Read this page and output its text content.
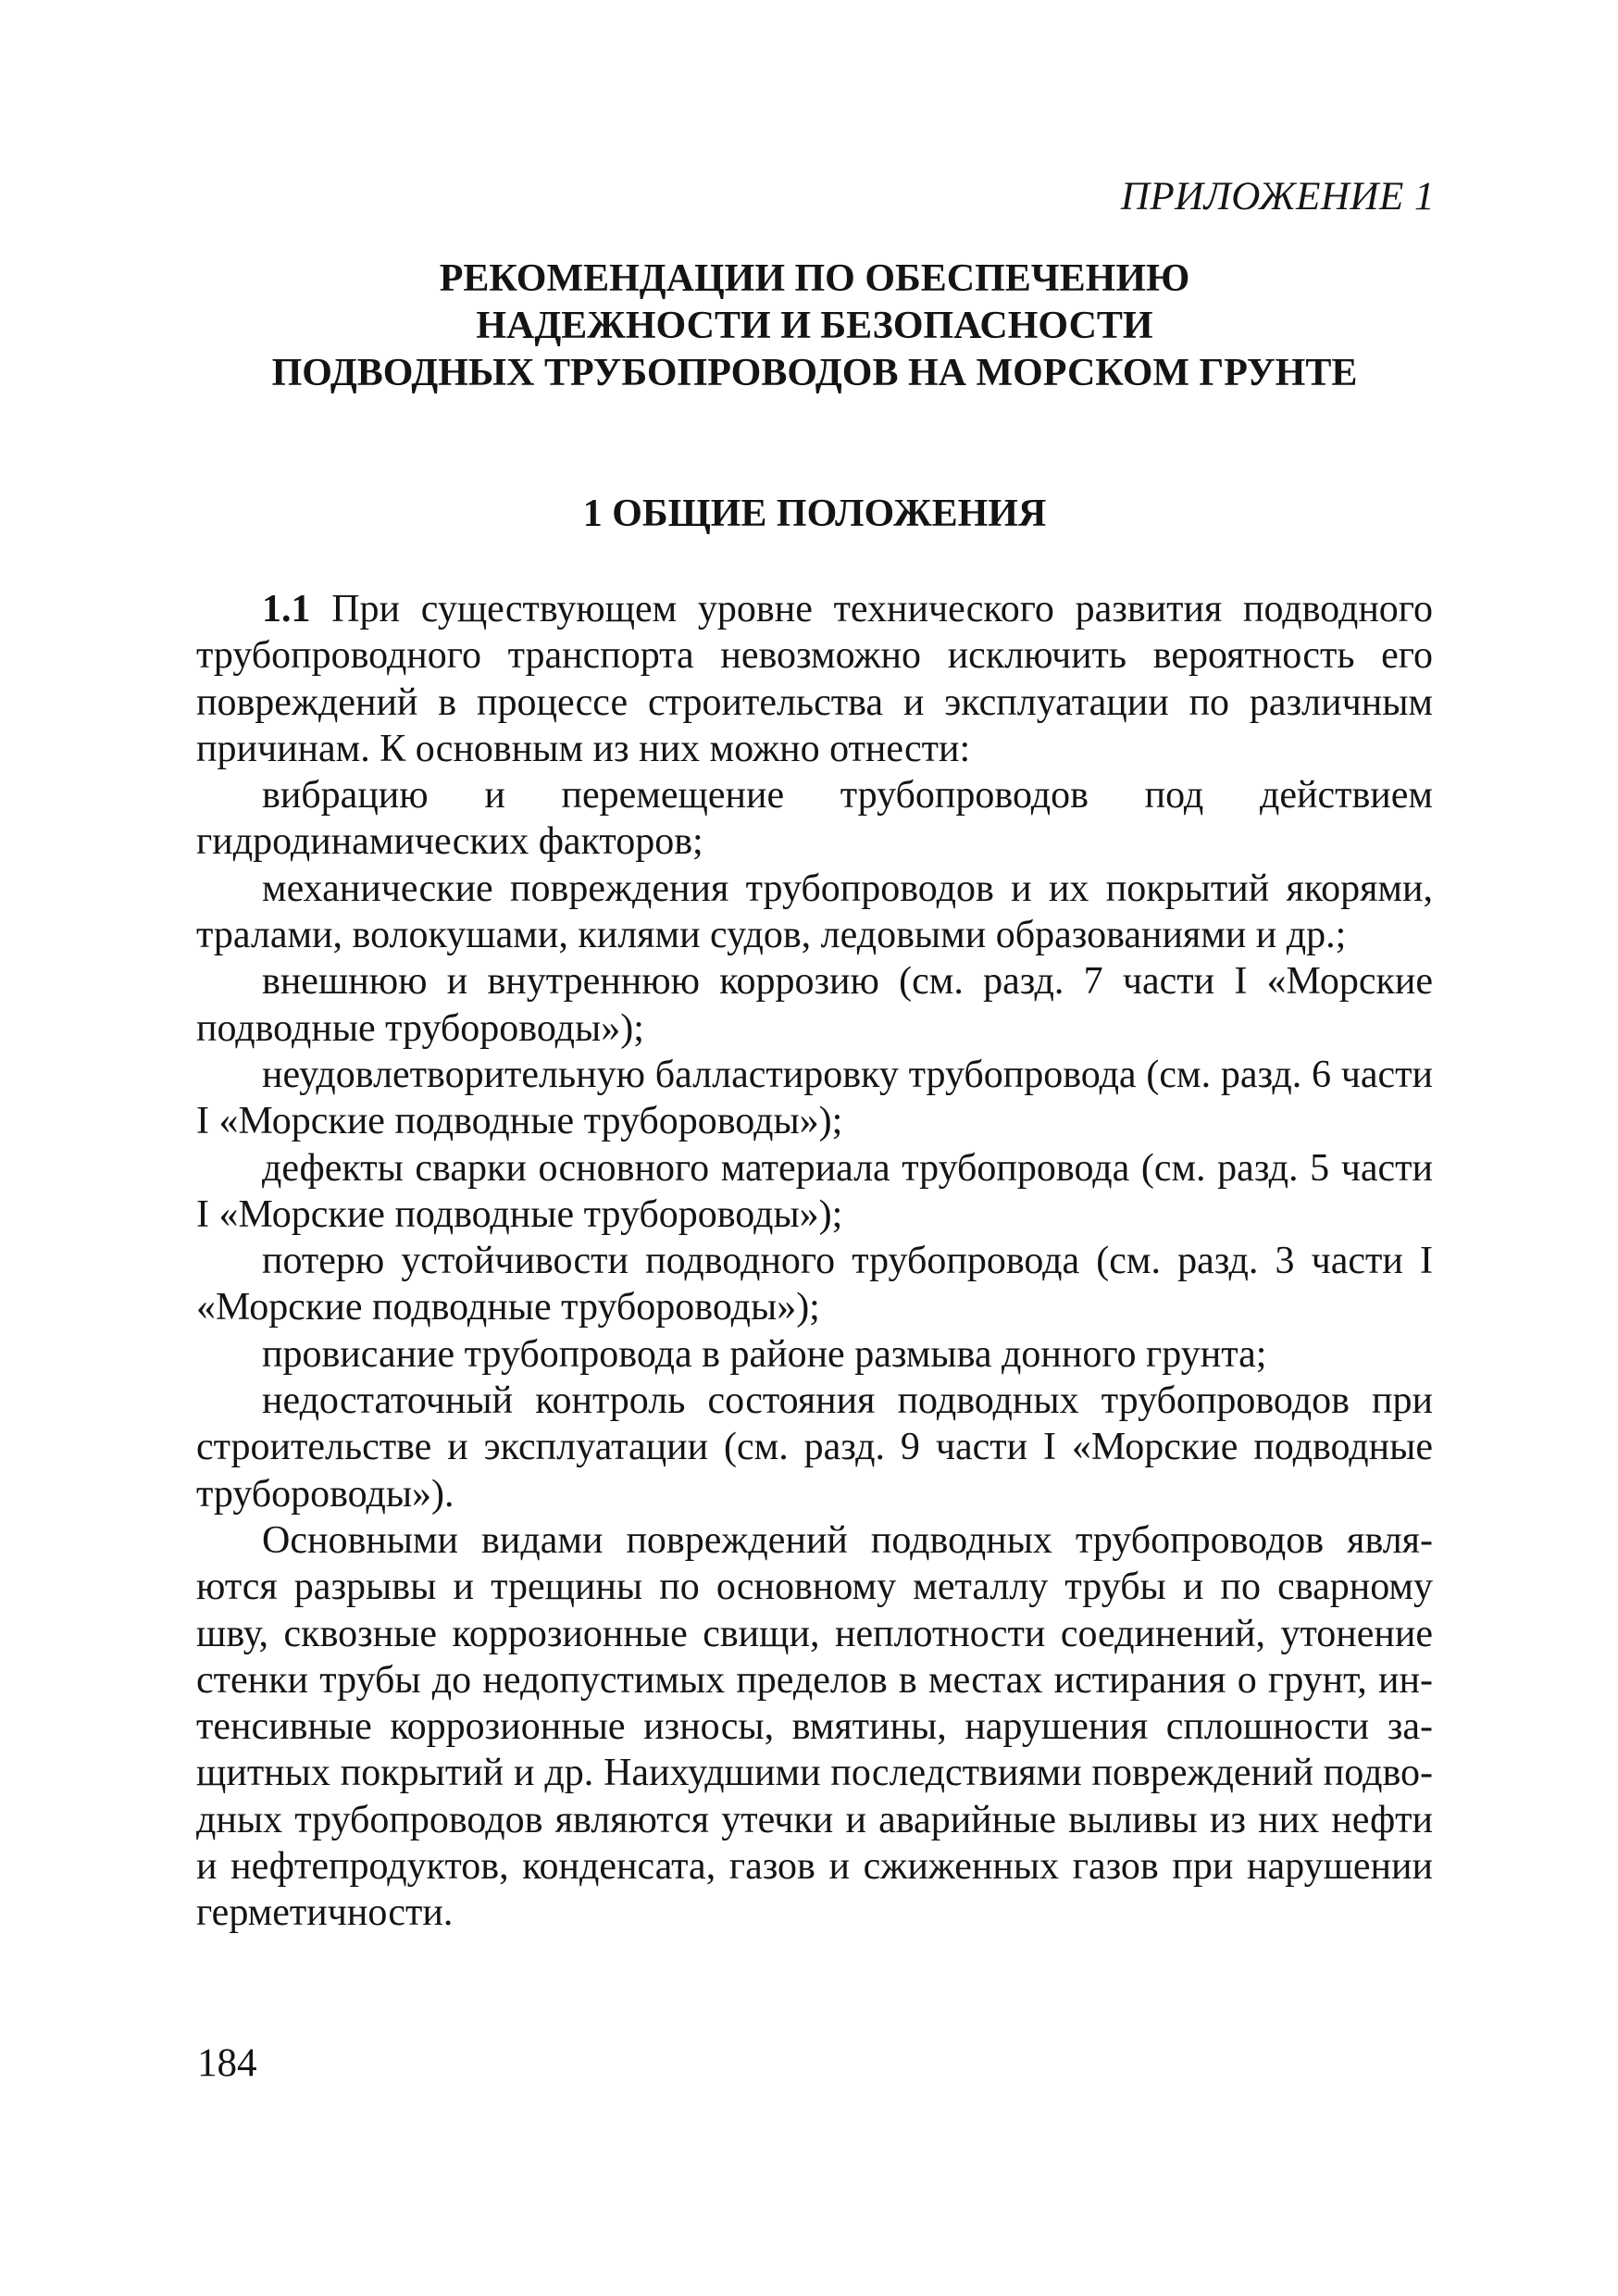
ПРИЛОЖЕНИЕ 1
РЕКОМЕНДАЦИИ ПО ОБЕСПЕЧЕНИЮ
НАДЕЖНОСТИ И БЕЗОПАСНОСТИ
ПОДВОДНЫХ ТРУБОПРОВОДОВ НА МОРСКОМ ГРУНТЕ
1 ОБЩИЕ ПОЛОЖЕНИЯ

1.1 При существующем уровне технического развития подводного трубопроводного транспорта невозможно исключить вероятность его повреждений в процессе строительства и эксплуатации по различным причинам. К основным из них можно отнести:

вибрацию и перемещение трубопроводов под действием гидродинамических факторов;

механические повреждения трубопроводов и их покрытий якорями, тралами, волокушами, килями судов, ледовыми образованиями и др.;

внешнюю и внутреннюю коррозию (см. разд. 7 части I «Морские подводные трубороводы»);

неудовлетворительную балластировку трубопровода (см. разд. 6 части I «Морские подводные трубороводы»);

дефекты сварки основного материала трубопровода (см. разд. 5 части I «Морские подводные трубороводы»);

потерю устойчивости подводного трубопровода (см. разд. 3 части I «Морские подводные трубороводы»);

провисание трубопровода в районе размыва донного грунта;

недостаточный контроль состояния подводных трубопроводов при строительстве и эксплуатации (см. разд. 9 части I «Морские подводные трубороводы»).

Основными видами повреждений подводных трубопроводов являются разрывы и трещины по основному металлу трубы и по сварному шву, сквозные коррозионные свищи, неплотности соединений, утонение стенки трубы до недопустимых пределов в местах истирания о грунт, интенсивные коррозионные износы, вмятины, нарушения сплошности защитных покрытий и др. Наихудшими последствиями повреждений подводных трубопроводов являются утечки и аварийные выливы из них нефти и нефтепродуктов, конденсата, газов и сжиженных газов при нарушении герметичности.

184
